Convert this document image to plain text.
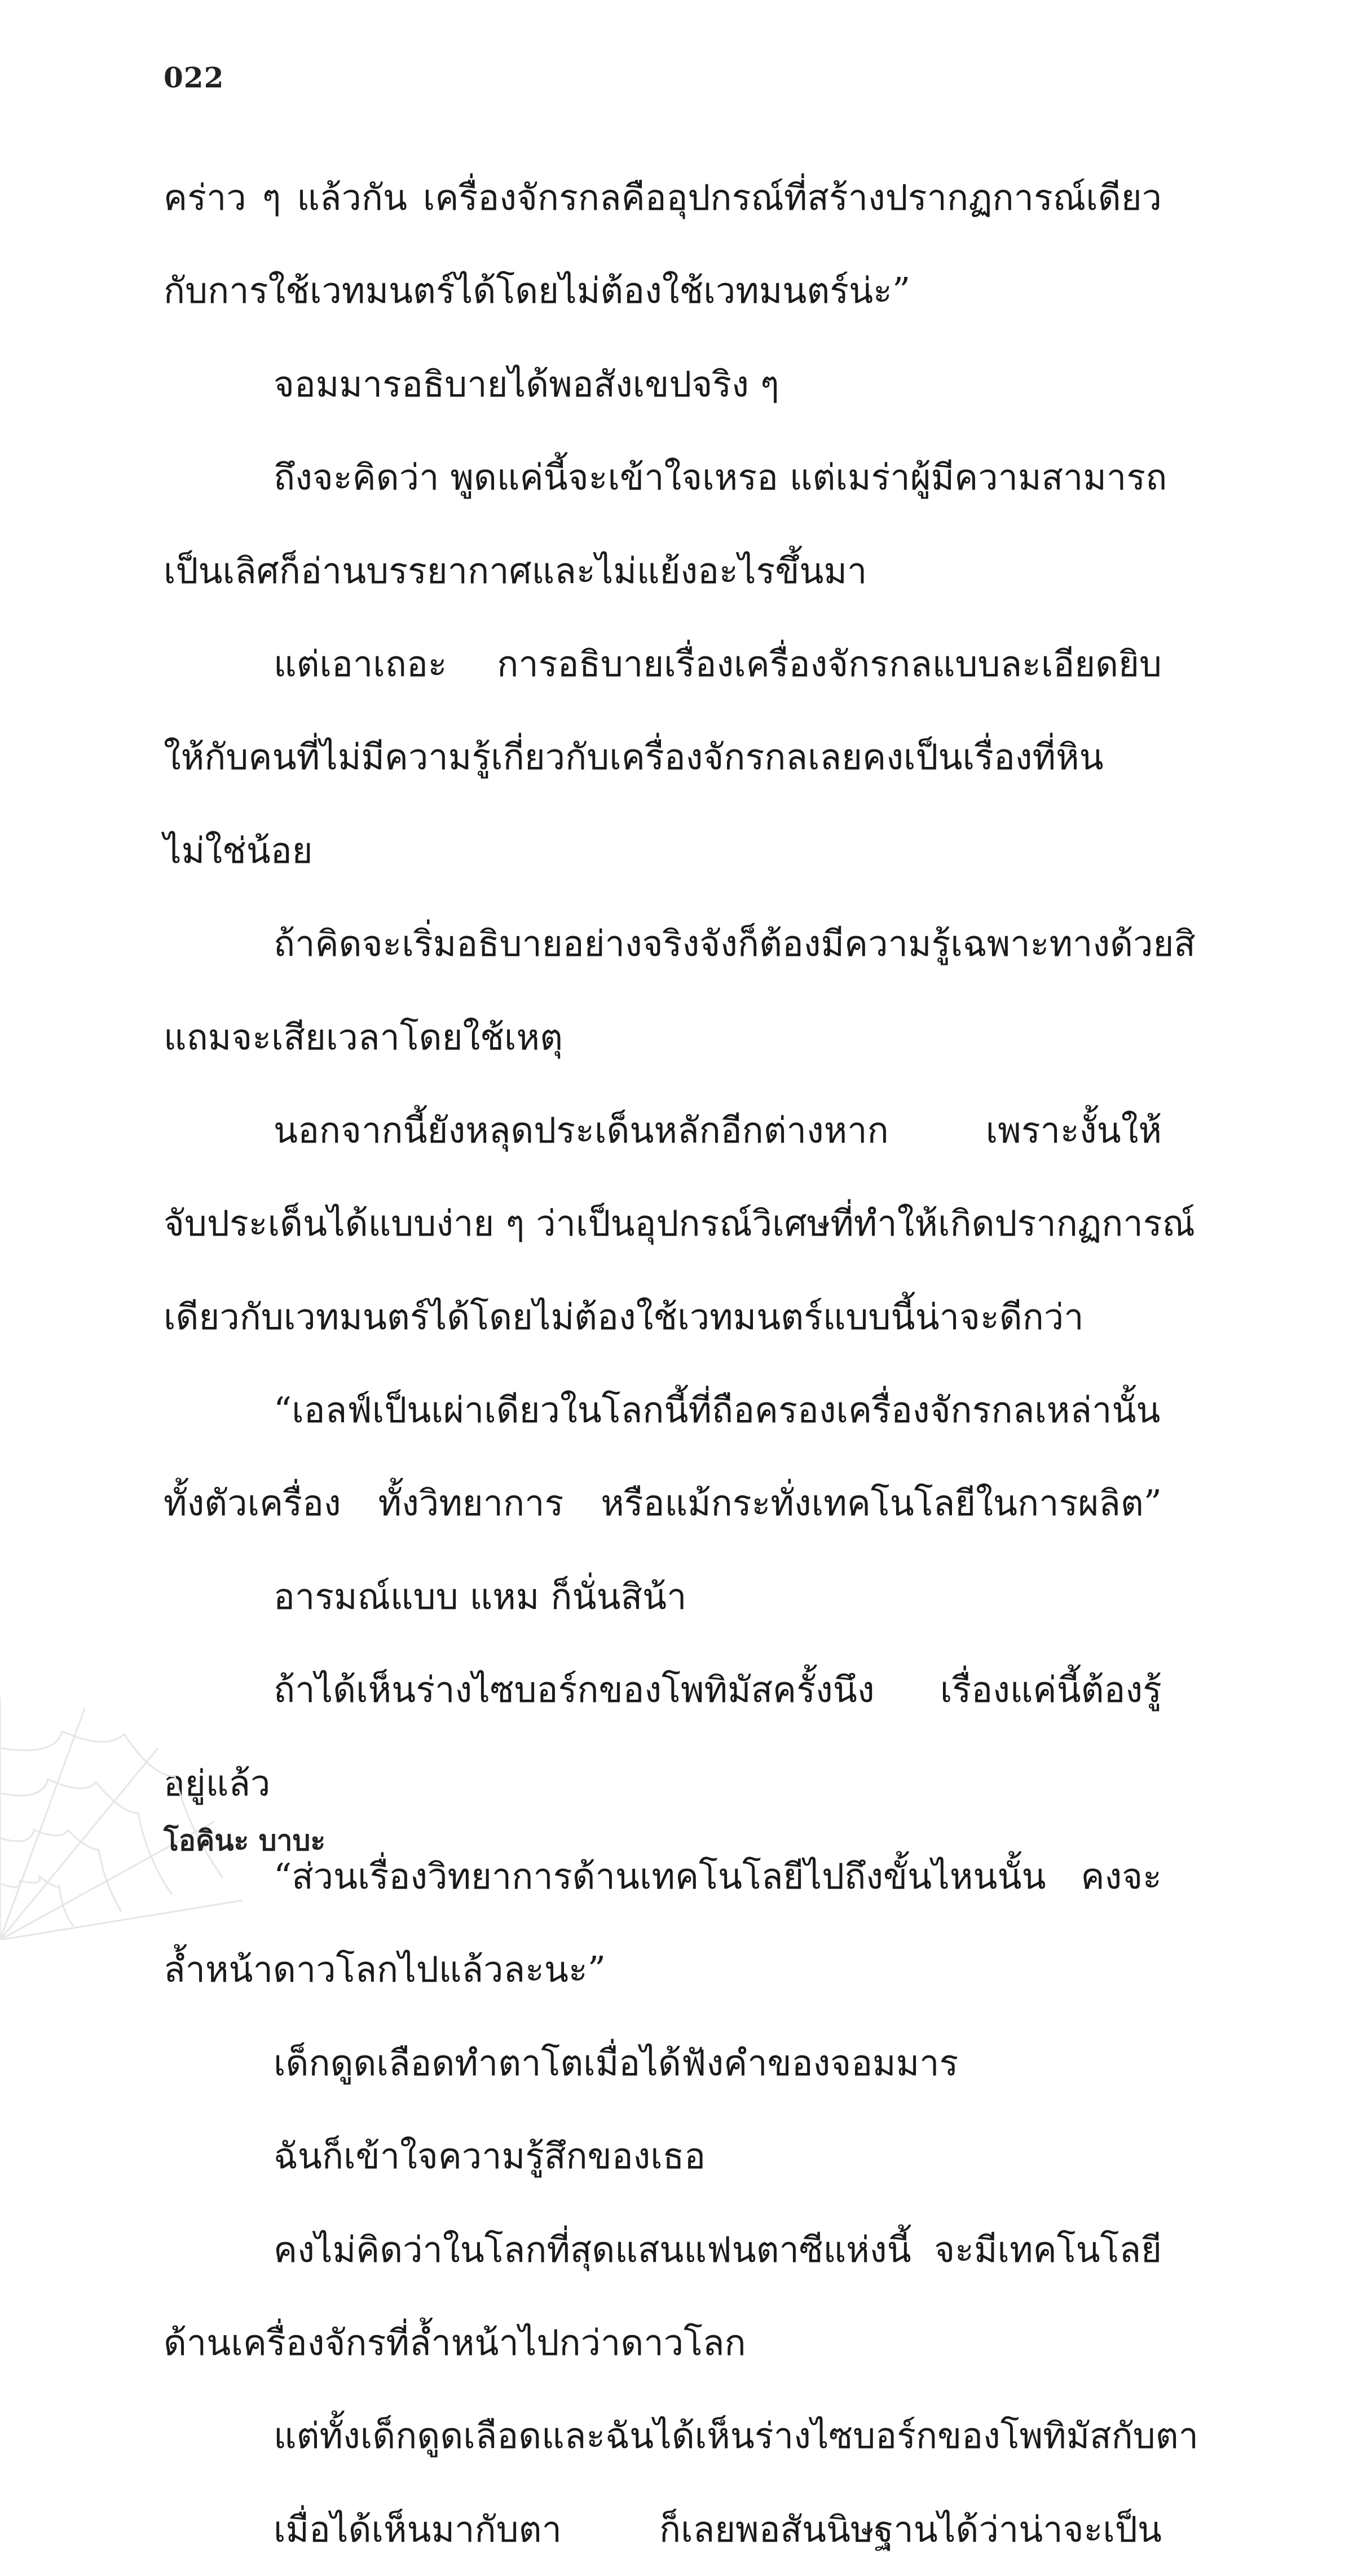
022
คร่าว ๆ แล้วกัน เครื่องจักรกลคืออุปกรณ์ที่สร้างปรากฏการณ์เดียว
กับการใช้เวทมนตร์ได้โดยไม่ต้องใช้เวทมนตร์น่ะ”
จอมมารอธิบายได้พอสังเขปจริง ๆ
ถึงจะคิดว่า พูดแค่นี้จะเข้าใจเหรอ แต่เมร่าผู้มีความสามารถ
เป็นเลิศก็อ่านบรรยากาศและไม่แย้งอะไรขึ้นมา
แต่เอาเถอะ การอธิบายเรื่องเครื่องจักรกลแบบละเอียดยิบ
ให้กับคนที่ไม่มีความรู้เกี่ยวกับเครื่องจักรกลเลยคงเป็นเรื่องที่หิน
ไม่ใช่น้อย
ถ้าคิดจะเริ่มอธิบายอย่างจริงจังก็ต้องมีความรู้เฉพาะทางด้วยสิ
แถมจะเสียเวลาโดยใช้เหตุ
นอกจากนี้ยังหลุดประเด็นหลักอีกต่างหาก เพราะงั้นให้
จับประเด็นได้แบบง่าย ๆ ว่าเป็นอุปกรณ์วิเศษที่ทำให้เกิดปรากฏการณ์
เดียวกับเวทมนตร์ได้โดยไม่ต้องใช้เวทมนตร์แบบนี้น่าจะดีกว่า
“เอลฟ์เป็นเผ่าเดียวในโลกนี้ที่ถือครองเครื่องจักรกลเหล่านั้น
ทั้งตัวเครื่อง ทั้งวิทยาการ หรือแม้กระทั่งเทคโนโลยีในการผลิต”
อารมณ์แบบ แหม ก็นั่นสิน้า
ถ้าได้เห็นร่างไซบอร์กของโพทิมัสครั้งนึง เรื่องแค่นี้ต้องรู้
อยู่แล้ว
“ส่วนเรื่องวิทยาการด้านเทคโนโลยีไปถึงขั้นไหนนั้น คงจะ
ล้ำหน้าดาวโลกไปแล้วละนะ”
เด็กดูดเลือดทำตาโตเมื่อได้ฟังคำของจอมมาร
ฉันก็เข้าใจความรู้สึกของเธอ
คงไม่คิดว่าในโลกที่สุดแสนแฟนตาซีแห่งนี้ จะมีเทคโนโลยี
ด้านเครื่องจักรที่ล้ำหน้าไปกว่าดาวโลก
แต่ทั้งเด็กดูดเลือดและฉันได้เห็นร่างไซบอร์กของโพทิมัสกับตา
เมื่อได้เห็นมากับตา ก็เลยพอสันนิษฐานได้ว่าน่าจะเป็น
โอคินะ บาบะ
